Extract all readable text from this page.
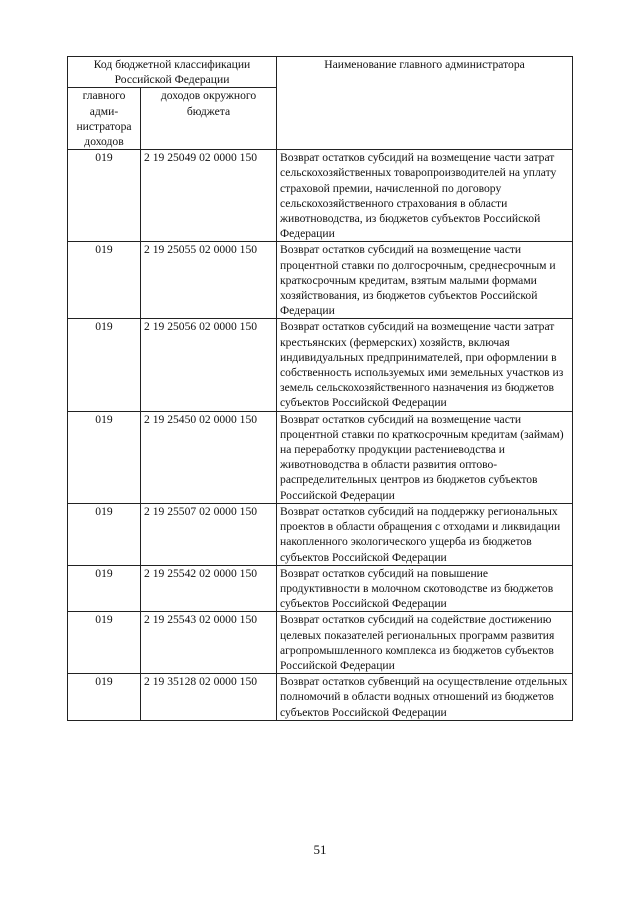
Код бюджетной классификации Российской Федерации		Наименование главного администратора
главного адми-нистратора доходов	доходов окружного бюджета	
019	2 19 25049 02 0000 150	Возврат остатков субсидий на возмещение части затрат сельскохозяйственных товаропроизводителей на уплату страховой премии, начисленной по договору сельскохозяйственного страхования в области животноводства, из бюджетов субъектов Российской Федерации
019	2 19 25055 02 0000 150	Возврат остатков субсидий на возмещение части процентной ставки по долгосрочным, среднесрочным и краткосрочным кредитам, взятым малыми формами хозяйствования, из бюджетов субъектов Российской Федерации
019	2 19 25056 02 0000 150	Возврат остатков субсидий на возмещение части затрат крестьянских (фермерских) хозяйств, включая индивидуальных предпринимателей, при оформлении в собственность используемых ими земельных участков из земель сельскохозяйственного назначения из бюджетов субъектов Российской Федерации
019	2 19 25450 02 0000 150	Возврат остатков субсидий на возмещение части процентной ставки по краткосрочным кредитам (займам) на переработку продукции растениеводства и животноводства в области развития оптово-распределительных центров из бюджетов субъектов Российской Федерации
019	2 19 25507 02 0000 150	Возврат остатков субсидий на поддержку региональных проектов в области обращения с отходами и ликвидации накопленного экологического ущерба из бюджетов субъектов Российской Федерации
019	2 19 25542 02 0000 150	Возврат остатков субсидий на повышение продуктивности в молочном скотоводстве из бюджетов субъектов Российской Федерации
019	2 19 25543 02 0000 150	Возврат остатков субсидий на содействие достижению целевых показателей региональных программ развития агропромышленного комплекса из бюджетов субъектов Российской Федерации
019	2 19 35128 02 0000 150	Возврат остатков субвенций на осуществление отдельных полномочий в области водных отношений из бюджетов субъектов Российской Федерации
51
